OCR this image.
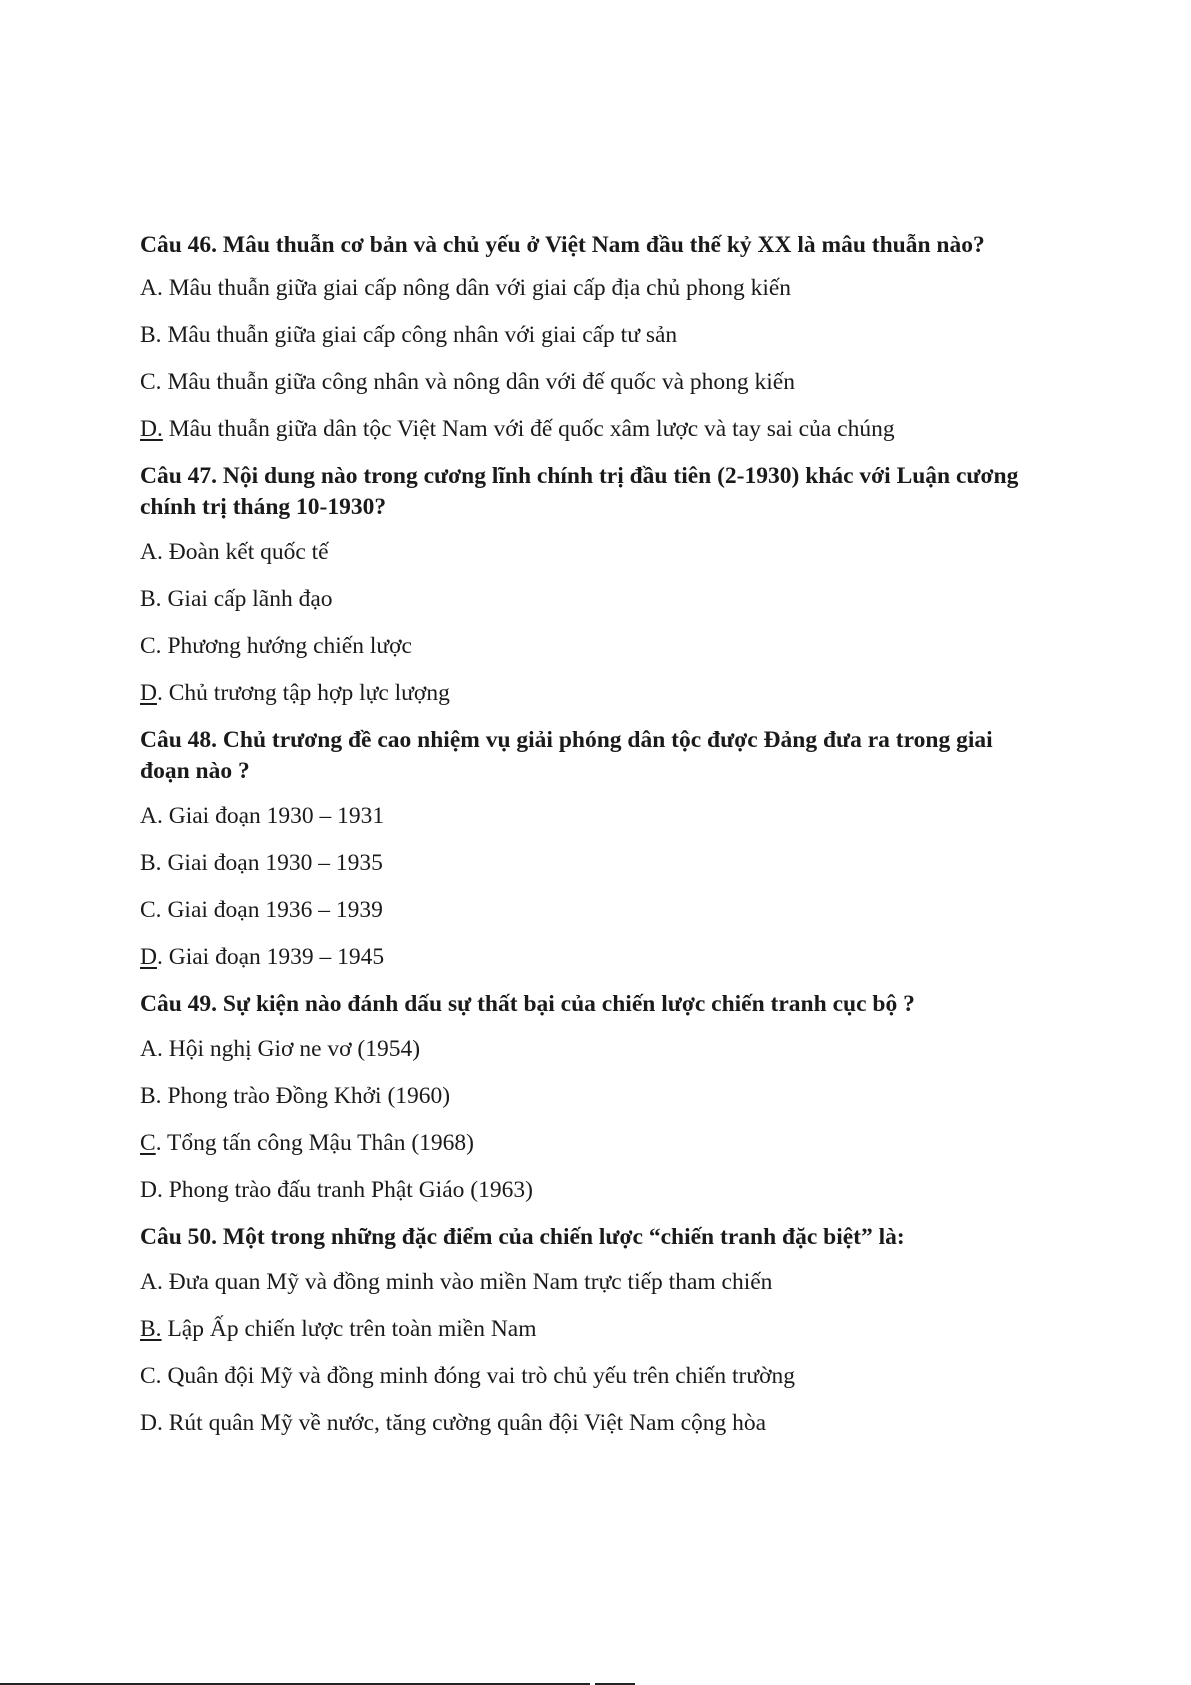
Câu 46. Mâu thuẫn cơ bản và chủ yếu ở Việt Nam đầu thế kỷ XX là mâu thuẫn nào?

A. Mâu thuẫn giữa giai cấp nông dân với giai cấp địa chủ phong kiến

B. Mâu thuẫn giữa giai cấp công nhân với giai cấp tư sản

C. Mâu thuẫn giữa công nhân và nông dân với đế quốc và phong kiến

D. Mâu thuẫn giữa dân tộc Việt Nam với đế quốc xâm lược và tay sai của chúng

Câu 47. Nội dung nào trong cương lĩnh chính trị đầu tiên (2-1930) khác với Luận cương chính trị tháng 10-1930?

A. Đoàn kết quốc tế

B. Giai cấp lãnh đạo

C. Phương hướng chiến lược

D. Chủ trương tập hợp lực lượng

Câu 48. Chủ trương đề cao nhiệm vụ giải phóng dân tộc được Đảng đưa ra trong giai đoạn nào ?

A. Giai đoạn 1930 – 1931

B. Giai đoạn 1930 – 1935

C. Giai đoạn 1936 – 1939

D. Giai đoạn 1939 – 1945

Câu 49. Sự kiện nào đánh dấu sự thất bại của chiến lược chiến tranh cục bộ ?

A. Hội nghị Giơ ne vơ (1954)

B. Phong trào Đồng Khởi (1960)

C. Tổng tấn công Mậu Thân (1968)

D. Phong trào đấu tranh Phật Giáo (1963)

Câu 50. Một trong những đặc điểm của chiến lược “chiến tranh đặc biệt” là:

A. Đưa quan Mỹ và đồng minh vào miền Nam trực tiếp tham chiến

B. Lập Ấp chiến lược trên toàn miền Nam

C. Quân đội Mỹ và đồng minh đóng vai trò chủ yếu trên chiến trường

D. Rút quân Mỹ về nước, tăng cường quân đội Việt Nam cộng hòa
